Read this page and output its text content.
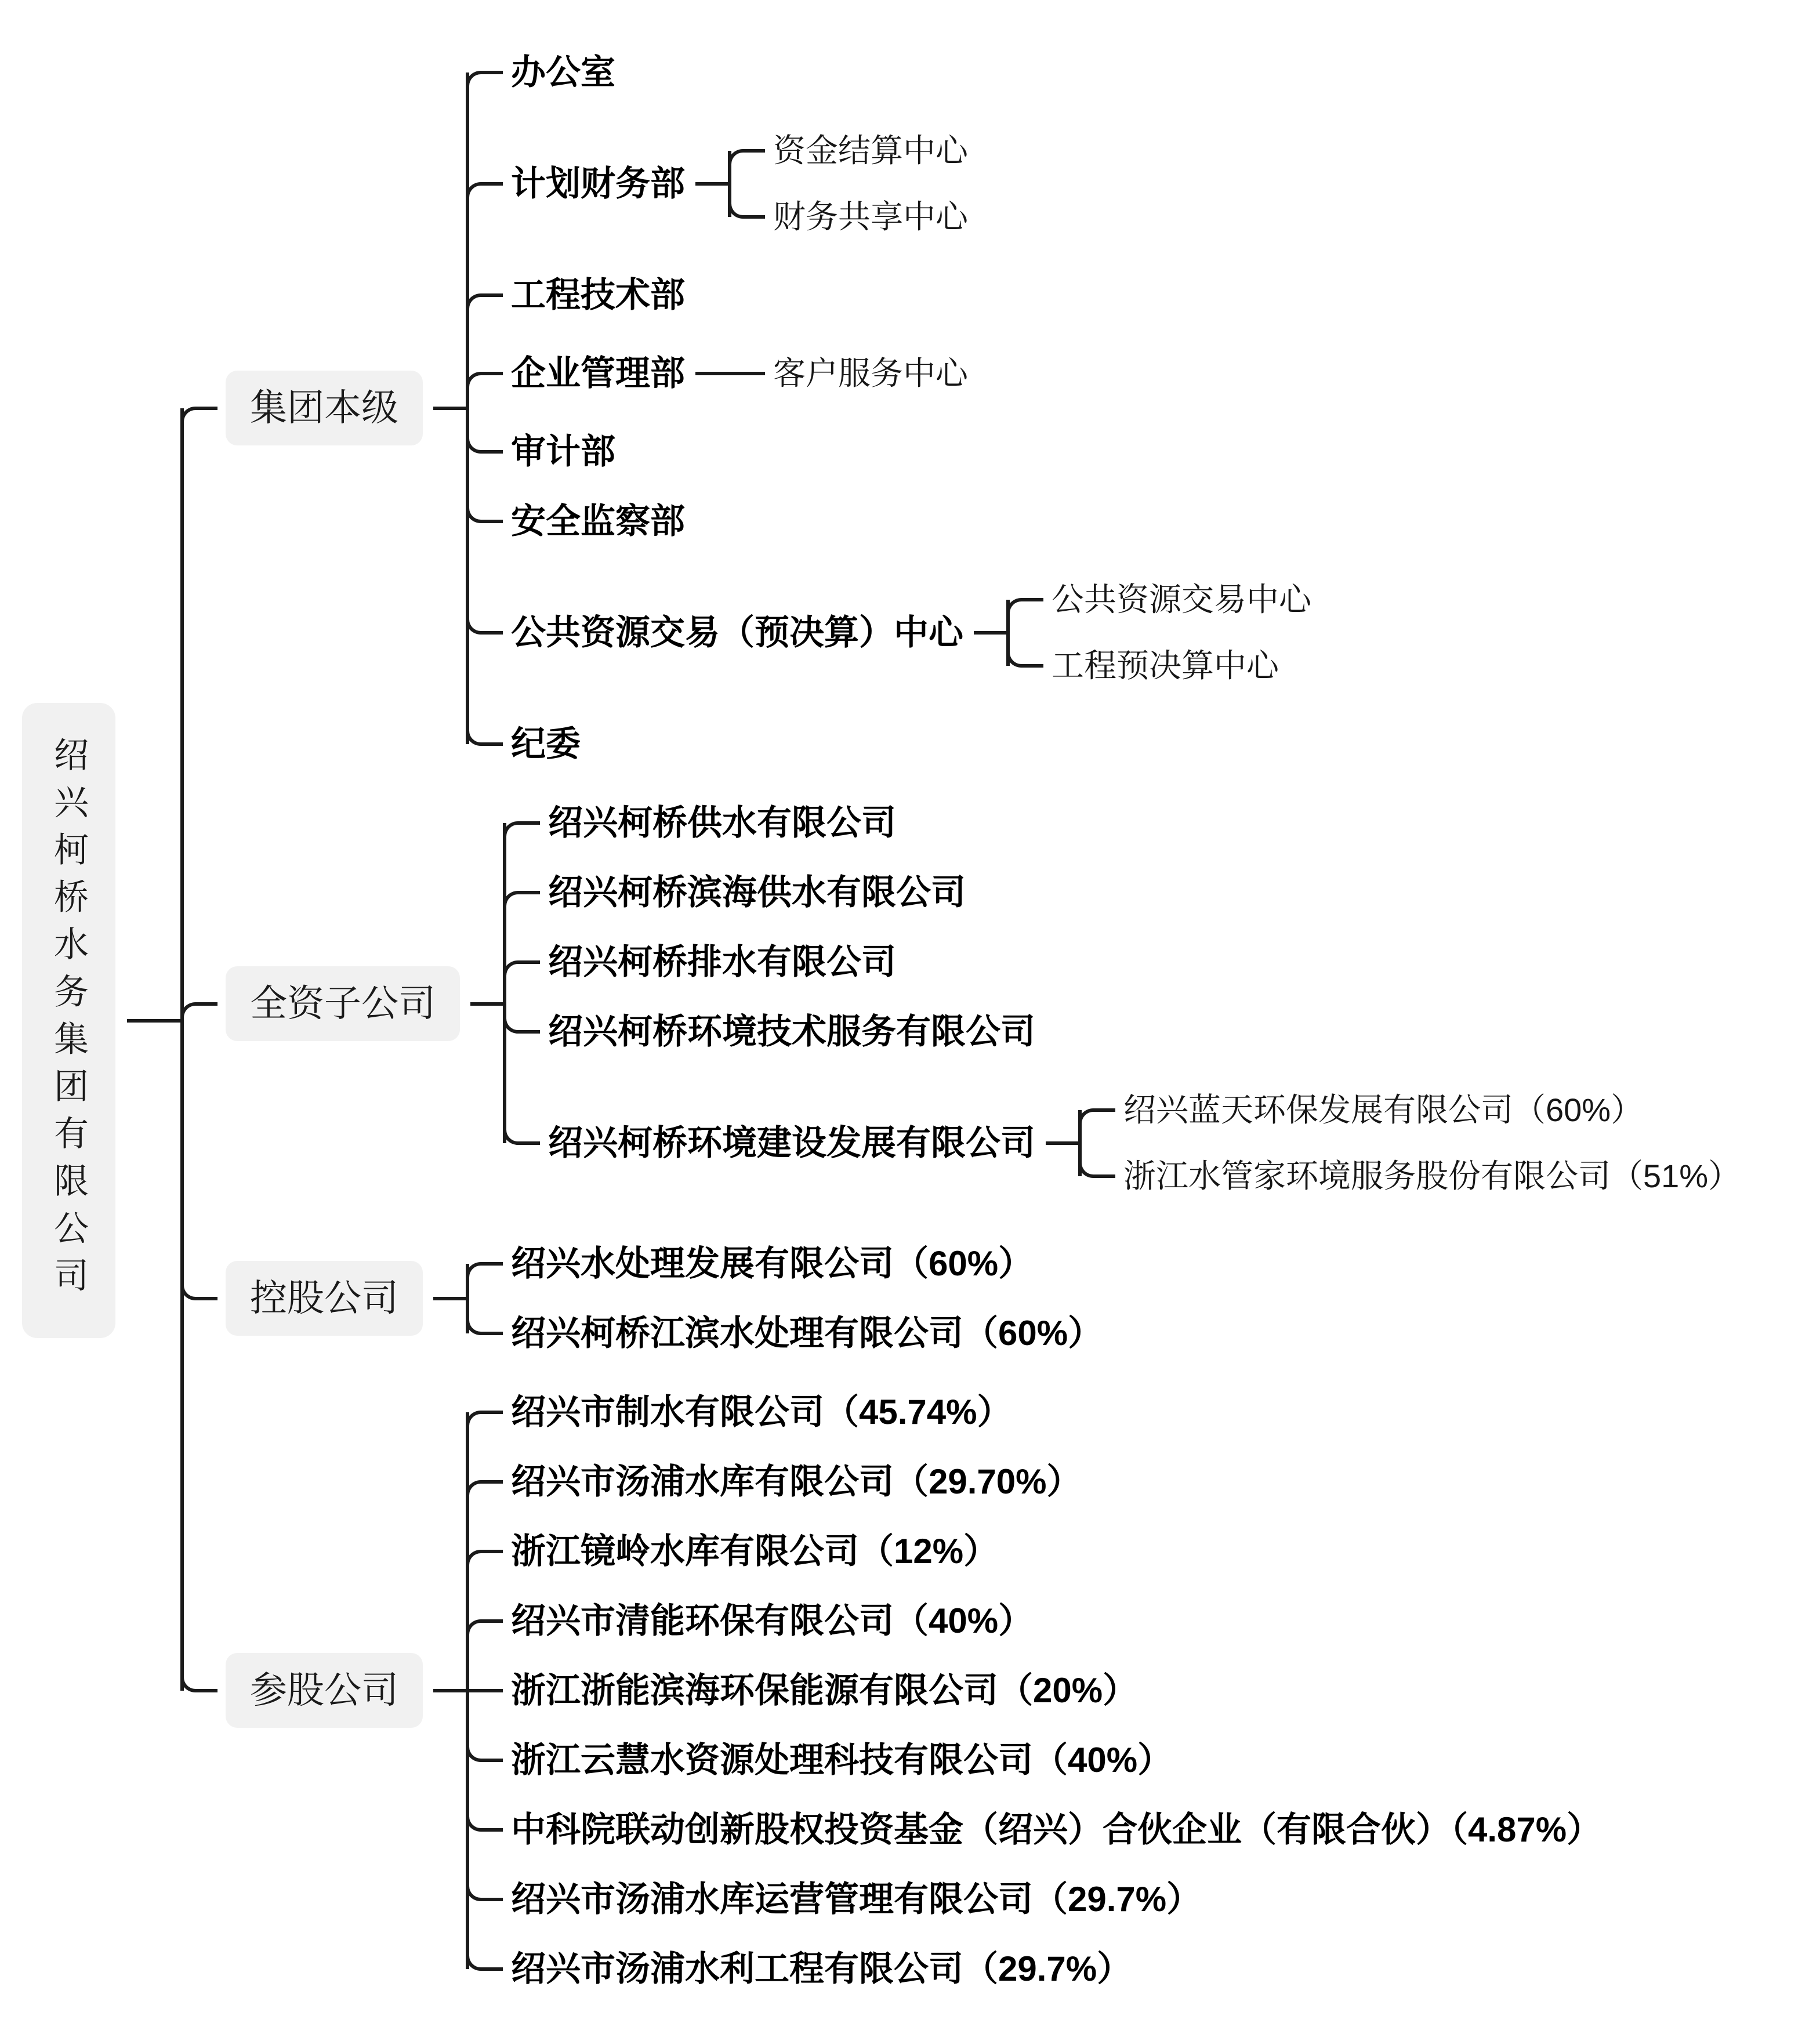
绍兴柯桥水务集团有限公司
集团本级
办公室
计划财务部
资金结算中心
财务共享中心
工程技术部
企业管理部	客户服务中心
审计部
安全监察部
公共资源交易（预决算）中心
公共资源交易中心
工程预决算中心
纪委
全资子公司
绍兴柯桥供水有限公司
绍兴柯桥滨海供水有限公司
绍兴柯桥排水有限公司
绍兴柯桥环境技术服务有限公司
绍兴柯桥环境建设发展有限公司
绍兴蓝天环保发展有限公司（60%）
浙江水管家环境服务股份有限公司（51%）
控股公司
绍兴水处理发展有限公司（60%）
绍兴柯桥江滨水处理有限公司（60%）
参股公司
绍兴市制水有限公司（45.74%）
绍兴市汤浦水库有限公司（29.70%）
浙江镜岭水库有限公司（12%）
绍兴市清能环保有限公司（40%）
浙江浙能滨海环保能源有限公司（20%）
浙江云慧水资源处理科技有限公司（40%）
中科院联动创新股权投资基金（绍兴）合伙企业（有限合伙）（4.87%）
绍兴市汤浦水库运营管理有限公司（29.7%）
绍兴市汤浦水利工程有限公司（29.7%）
